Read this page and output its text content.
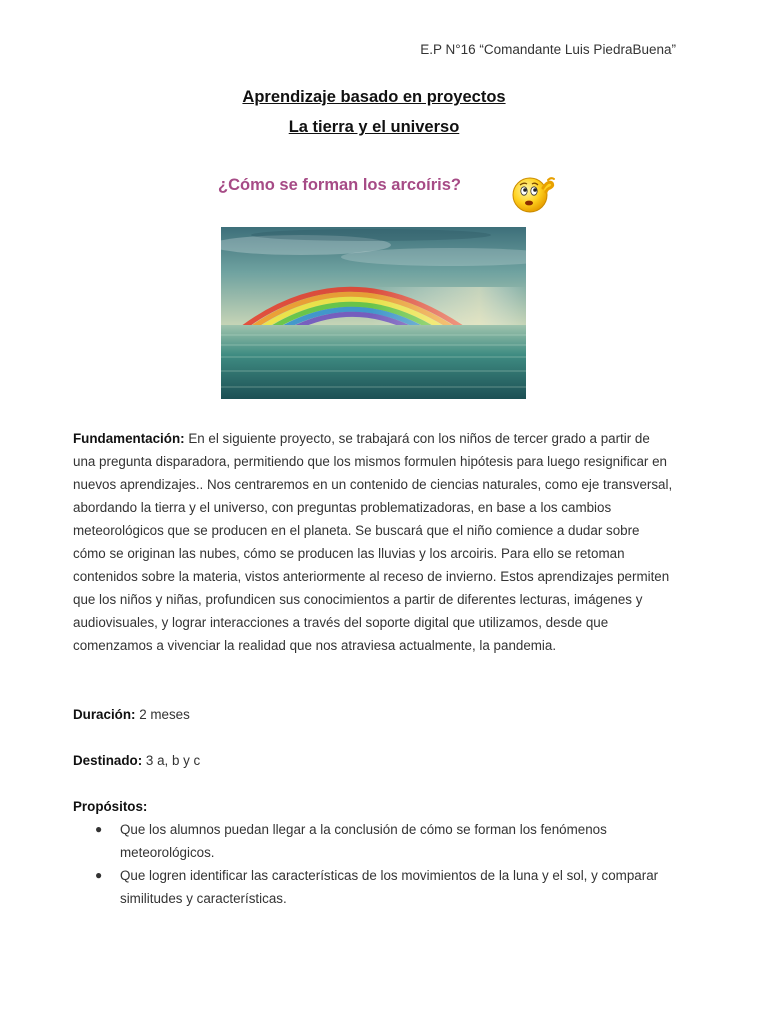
E.P N°16 “Comandante Luis PiedraBuena”
Aprendizaje basado en proyectos
La tierra y el universo
¿Cómo se forman los arcoíris?
Fundamentación: En el siguiente proyecto, se trabajará con los niños de tercer grado a partir de una pregunta disparadora, permitiendo que los mismos formulen hipótesis para luego resignificar en nuevos aprendizajes.. Nos centraremos en un contenido de ciencias naturales, como eje transversal, abordando la tierra y el universo, con preguntas problematizadoras, en base a los cambios meteorológicos que se producen en el planeta. Se buscará que el niño comience a dudar sobre cómo se originan las nubes, cómo se producen las lluvias y los arcoiris. Para ello se retoman contenidos sobre la materia, vistos anteriormente al receso de invierno. Estos aprendizajes permiten que los niños y niñas, profundicen sus conocimientos a partir de diferentes lecturas, imágenes y audiovisuales, y lograr interacciones a través del soporte digital que utilizamos, desde que comenzamos a vivenciar la realidad que nos atraviesa actualmente, la pandemia.
Duración: 2 meses
Destinado: 3 a, b y c
Propósitos:
● Que los alumnos puedan llegar a la conclusión de cómo se forman los fenómenos meteorológicos.
● Que logren identificar las características de los movimientos de la luna y el sol, y comparar similitudes y características.
